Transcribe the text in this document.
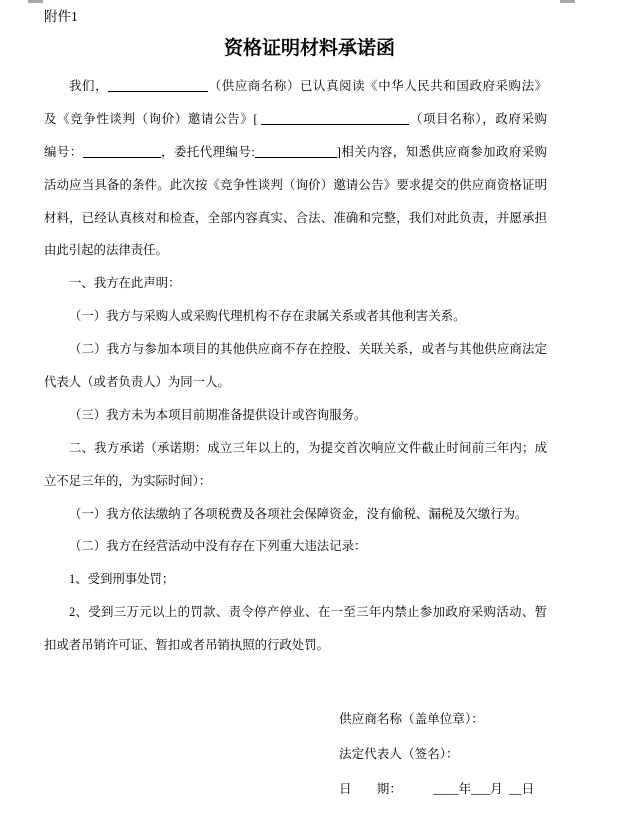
附件1
资格证明材料承诺函
我们，	（供应商名称）已认真阅读《中华人民共和国政府采购法》
及《竞争性谈判（询价）邀请公告》[	（项目名称），政府采购
编号：	，委托代理编号:	]相关内容，知悉供应商参加政府采购
活动应当具备的条件。此次按《竞争性谈判（询价）邀请公告》要求提交的供应商资格证明
材料，已经认真核对和检查，全部内容真实、合法、准确和完整，我们对此负责，并愿承担
由此引起的法律责任。
一、我方在此声明：
（一）我方与采购人或采购代理机构不存在隶属关系或者其他利害关系。
（二）我方与参加本项目的其他供应商不存在控股、关联关系，或者与其他供应商法定
代表人（或者负责人）为同一人。
（三）我方未为本项目前期准备提供设计或咨询服务。
二、我方承诺（承诺期：成立三年以上的，为提交首次响应文件截止时间前三年内；成
立不足三年的，为实际时间）：
（一）我方依法缴纳了各项税费及各项社会保障资金，没有偷税、漏税及欠缴行为。
（二）我方在经营活动中没有存在下列重大违法记录：
1、受到刑事处罚；
2、受到三万元以上的罚款、责令停产停业、在一至三年内禁止参加政府采购活动、暂
扣或者吊销许可证、暂扣或者吊销执照的行政处罚。
供应商名称（盖单位章）：
法定代表人（签名）：
日　　期：　　　____年___月  __日
